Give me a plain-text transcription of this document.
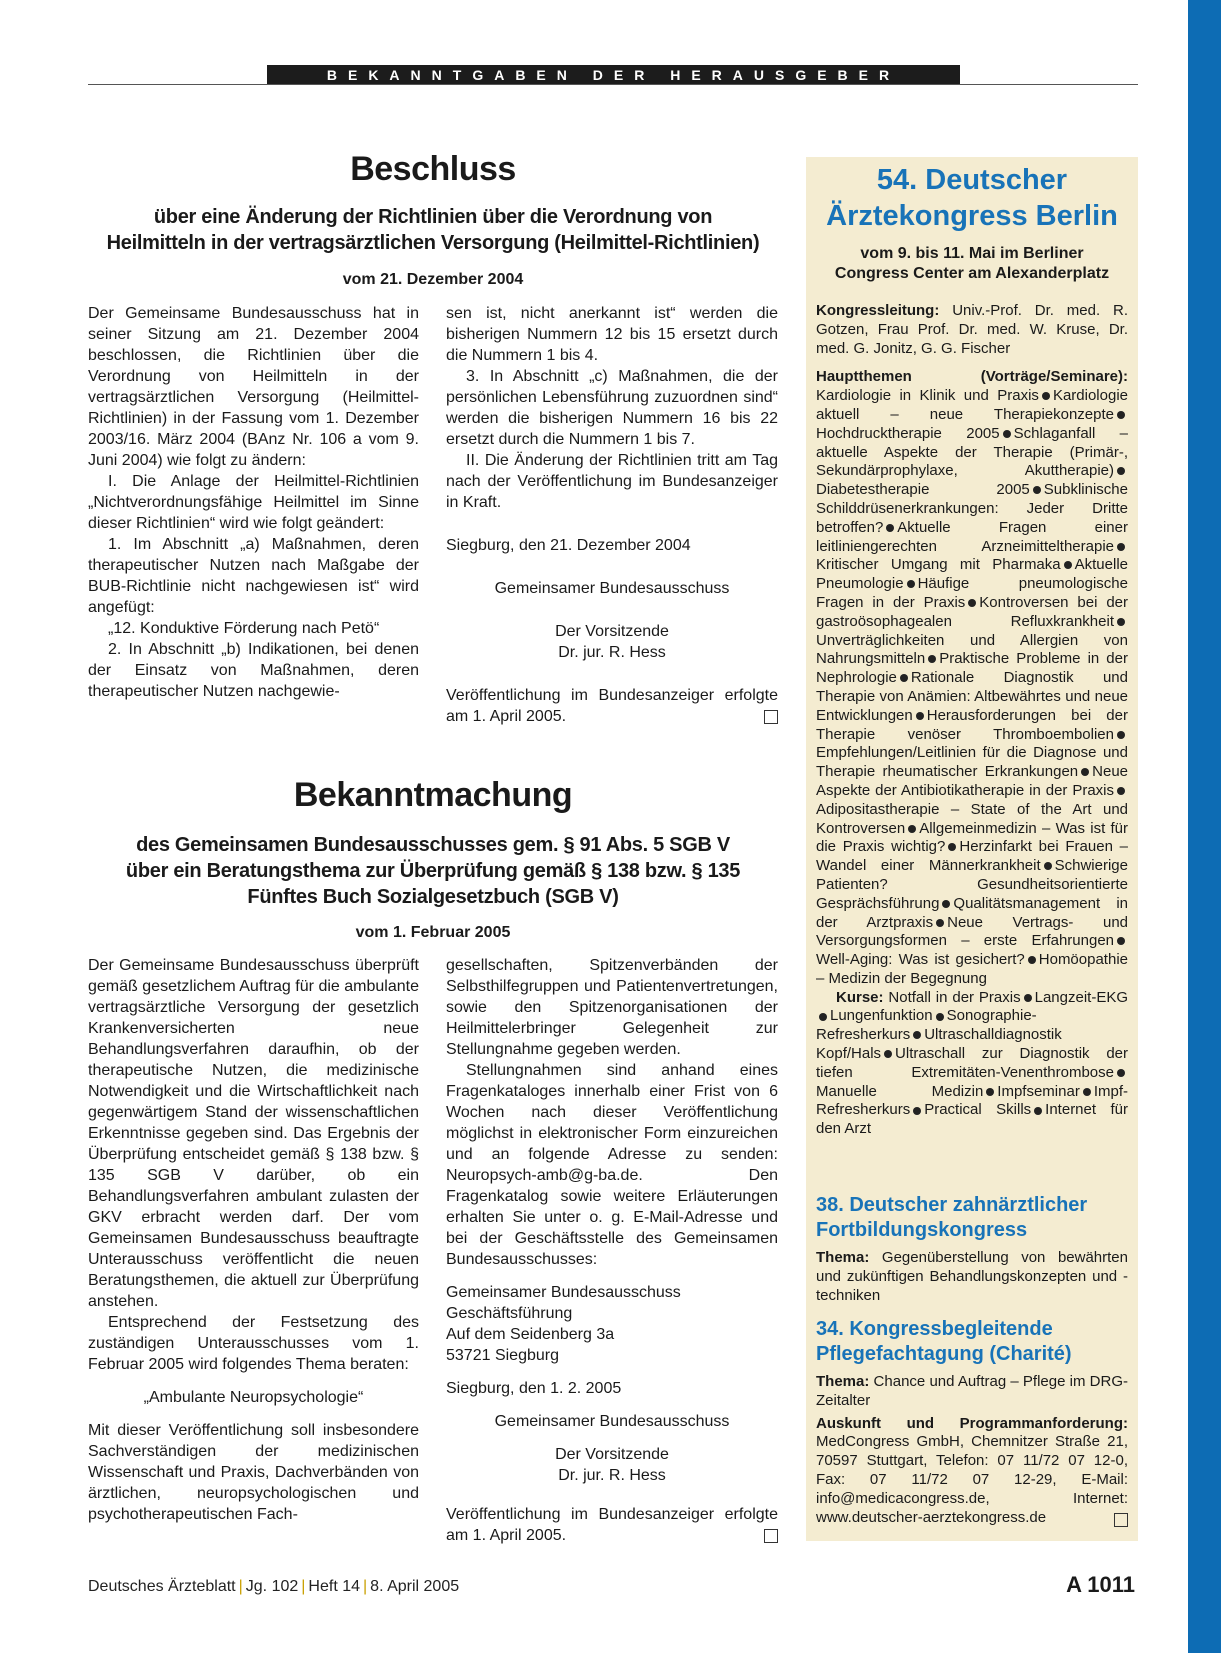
BEKANNTGABEN DER HERAUSGEBER
Beschluss
über eine Änderung der Richtlinien über die Verordnung von
Heilmitteln in der vertragsärztlichen Versorgung (Heilmittel-Richtlinien)
vom 21. Dezember 2004

Der Gemeinsame Bundesausschuss hat in seiner Sitzung am 21. Dezember 2004 beschlossen, die Richtlinien über die Verordnung von Heilmitteln in der vertragsärztlichen Versorgung (Heilmittel-Richtlinien) in der Fassung vom 1. Dezember 2003/16. März 2004 (BAnz Nr. 106 a vom 9. Juni 2004) wie folgt zu ändern:

I. Die Anlage der Heilmittel-Richtlinien „Nichtverordnungsfähige Heilmittel im Sinne dieser Richtlinien“ wird wie folgt geändert:

1. Im Abschnitt „a) Maßnahmen, deren therapeutischer Nutzen nach Maßgabe der BUB-Richtlinie nicht nachgewiesen ist“ wird angefügt:

„12. Konduktive Förderung nach Petö“

2. In Abschnitt „b) Indikationen, bei denen der Einsatz von Maßnahmen, deren therapeutischer Nutzen nachgewie-

sen ist, nicht anerkannt ist“ werden die bisherigen Nummern 12 bis 15 ersetzt durch die Nummern 1 bis 4.

3. In Abschnitt „c) Maßnahmen, die der persönlichen Lebensführung zuzuordnen sind“ werden die bisherigen Nummern 16 bis 22 ersetzt durch die Nummern 1 bis 7.

II. Die Änderung der Richtlinien tritt am Tag nach der Veröffentlichung im Bundesanzeiger in Kraft.

Siegburg, den 21. Dezember 2004

Gemeinsamer Bundesausschuss

Der Vorsitzende

Dr. jur. R. Hess

Veröffentlichung im Bundesanzeiger erfolgte am 1. April 2005.

Bekanntmachung
des Gemeinsamen Bundesausschusses gem. § 91 Abs. 5 SGB V
über ein Beratungsthema zur Überprüfung gemäß § 138 bzw. § 135
Fünftes Buch Sozialgesetzbuch (SGB V)
vom 1. Februar 2005

Der Gemeinsame Bundesausschuss überprüft gemäß gesetzlichem Auftrag für die ambulante vertragsärztliche Versorgung der gesetzlich Krankenversicherten neue Behandlungsverfahren daraufhin, ob der therapeutische Nutzen, die medizinische Notwendigkeit und die Wirtschaftlichkeit nach gegenwärtigem Stand der wissenschaftlichen Erkenntnisse gegeben sind. Das Ergebnis der Überprüfung entscheidet gemäß § 138 bzw. § 135 SGB V darüber, ob ein Behandlungsverfahren ambulant zulasten der GKV erbracht werden darf. Der vom Gemeinsamen Bundesausschuss beauftragte Unterausschuss veröffentlicht die neuen Beratungsthemen, die aktuell zur Überprüfung anstehen.

Entsprechend der Festsetzung des zuständigen Unterausschusses vom 1. Februar 2005 wird folgendes Thema beraten:

„Ambulante Neuropsychologie“

Mit dieser Veröffentlichung soll insbesondere Sachverständigen der medizinischen Wissenschaft und Praxis, Dachverbänden von ärztlichen, neuropsychologischen und psychotherapeutischen Fach-

gesellschaften, Spitzenverbänden der Selbsthilfegruppen und Patientenvertretungen, sowie den Spitzenorganisationen der Heilmittelerbringer Gelegenheit zur Stellungnahme gegeben werden.

Stellungnahmen sind anhand eines Fragenkataloges innerhalb einer Frist von 6 Wochen nach dieser Veröffentlichung möglichst in elektronischer Form einzureichen und an folgende Adresse zu senden: Neuropsych-amb@g-ba.de. Den Fragenkatalog sowie weitere Erläuterungen erhalten Sie unter o. g. E-Mail-Adresse und bei der Geschäftsstelle des Gemeinsamen Bundesausschusses:

Gemeinsamer Bundesausschuss
Geschäftsführung
Auf dem Seidenberg 3a
53721 Siegburg

Siegburg, den 1. 2. 2005

Gemeinsamer Bundesausschuss

Der Vorsitzende

Dr. jur. R. Hess

Veröffentlichung im Bundesanzeiger erfolgte am 1. April 2005.

54. Deutscher
Ärztekongress Berlin
vom 9. bis 11. Mai im Berliner
Congress Center am Alexanderplatz

Kongressleitung: Univ.-Prof. Dr. med. R. Gotzen, Frau Prof. Dr. med. W. Kruse, Dr. med. G. Jonitz, G. G. Fischer

Hauptthemen (Vorträge/Seminare): Kardiologie in Klinik und Praxis Kardiologie aktuell – neue TherapiekonzepteHochdrucktherapie 2005 Schlaganfall – aktuelle Aspekte der Therapie (Primär-, Sekundärprophylaxe, Akuttherapie)Diabetestherapie 2005 Subklinische Schilddrüsenerkrankungen: Jeder Dritte betroffen? Aktuelle Fragen einer leitliniengerechten ArzneimitteltherapieKritischer Umgang mit Pharmaka Aktuelle Pneumologie Häufige pneumologische Fragen in der Praxis Kontroversen bei der gastroösophagealen RefluxkrankheitUnverträglichkeiten und Allergien von Nahrungsmitteln Praktische Probleme in der Nephrologie Rationale Diagnostik und Therapie von Anämien: Altbewährtes und neue Entwicklungen Herausforderungen bei der Therapie venöser ThromboembolienEmpfehlungen/Leitlinien für die Diagnose und Therapie rheumatischer Erkrankungen Neue Aspekte der Antibiotikatherapie in der PraxisAdipositastherapie – State of the Art und Kontroversen Allgemeinmedizin – Was ist für die Praxis wichtig? Herzinfarkt bei Frauen – Wandel einer Männerkrankheit Schwierige Patienten? Gesundheitsorientierte Gesprächsführung Qualitätsmanagement in der Arztpraxis Neue Vertrags- und Versorgungsformen – erste ErfahrungenWell-Aging: Was ist gesichert? Homöopathie – Medizin der Begegnung

Kurse: Notfall in der Praxis Langzeit-EKGLungenfunktion Sonographie-Refresherkurs Ultraschalldiagnostik Kopf/Hals Ultraschall zur Diagnostik der tiefen Extremitäten-VenenthromboseManuelle Medizin Impfseminar Impf-Refresherkurs Practical Skills Internet für den Arzt

38. Deutscher zahnärztlicher
Fortbildungskongress

Thema: Gegenüberstellung von bewährten und zukünftigen Behandlungskonzepten und -techniken

34. Kongressbegleitende
Pflegefachtagung (Charité)

Thema: Chance und Auftrag – Pflege im DRG-Zeitalter

Auskunft und Programmanforderung: MedCongress GmbH, Chemnitzer Straße 21, 70597 Stuttgart, Telefon: 07 11/72 07 12-0, Fax: 07 11/72 07 12-29, E-Mail: info@medicacongress.de, Internet: www.deutscher-aerztekongress.de

Deutsches Ärzteblatt | Jg. 102 | Heft 14 | 8. April 2005	A 1011
